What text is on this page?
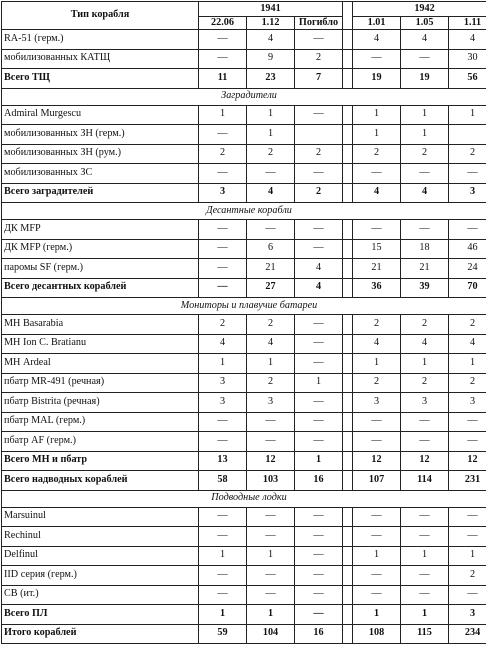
Тип корабля	1941				1942		
	22.06	1.12	Погибло		1.01	1.05	1.11
RA-51 (герм.)	—	4	—		4	4	4
мобилизованных КАТЩ	—	9	2		—	—	30
Всего ТЩ	11	23	7		19	19	56
Заградители							
Admiral Murgescu	1	1	—		1	1	1
мобилизованных ЗН (герм.)	—	1			1	1	
мобилизованных ЗН (рум.)	2	2	2		2	2	2
мобилизованных ЗС	—	—	—		—	—	—
Всего заградителей	3	4	2		4	4	3
Десантные корабли							
ДК MFP	—	—	—		—	—	—
ДК MFP (герм.)	—	6	—		15	18	46
паромы SF (герм.)	—	21	4		21	21	24
Всего десантных кораблей	—	27	4		36	39	70
Мониторы и плавучие батареи							
МН Basarabia	2	2	—		2	2	2
МН Ion C. Bratianu	4	4	—		4	4	4
МН Ardeal	1	1	—		1	1	1
пбатр MR-491 (речная)	3	2	1		2	2	2
пбатр Bistrita (речная)	3	3	—		3	3	3
пбатр MAL (герм.)	—	—	—		—	—	—
пбатр AF (герм.)	—	—	—		—	—	—
Всего МН и пбатр	13	12	1		12	12	12
Всего надводных кораблей	58	103	16		107	114	231
Подводные лодки							
Marsuinul	—	—	—		—	—	—
Rechinul	—	—	—		—	—	—
Delfinul	1	1	—		1	1	1
IID серия (герм.)	—	—	—		—	—	2
СВ (ит.)	—	—	—		—	—	—
Всего ПЛ	1	1	—		1	1	3
Итого кораблей	59	104	16		108	115	234
